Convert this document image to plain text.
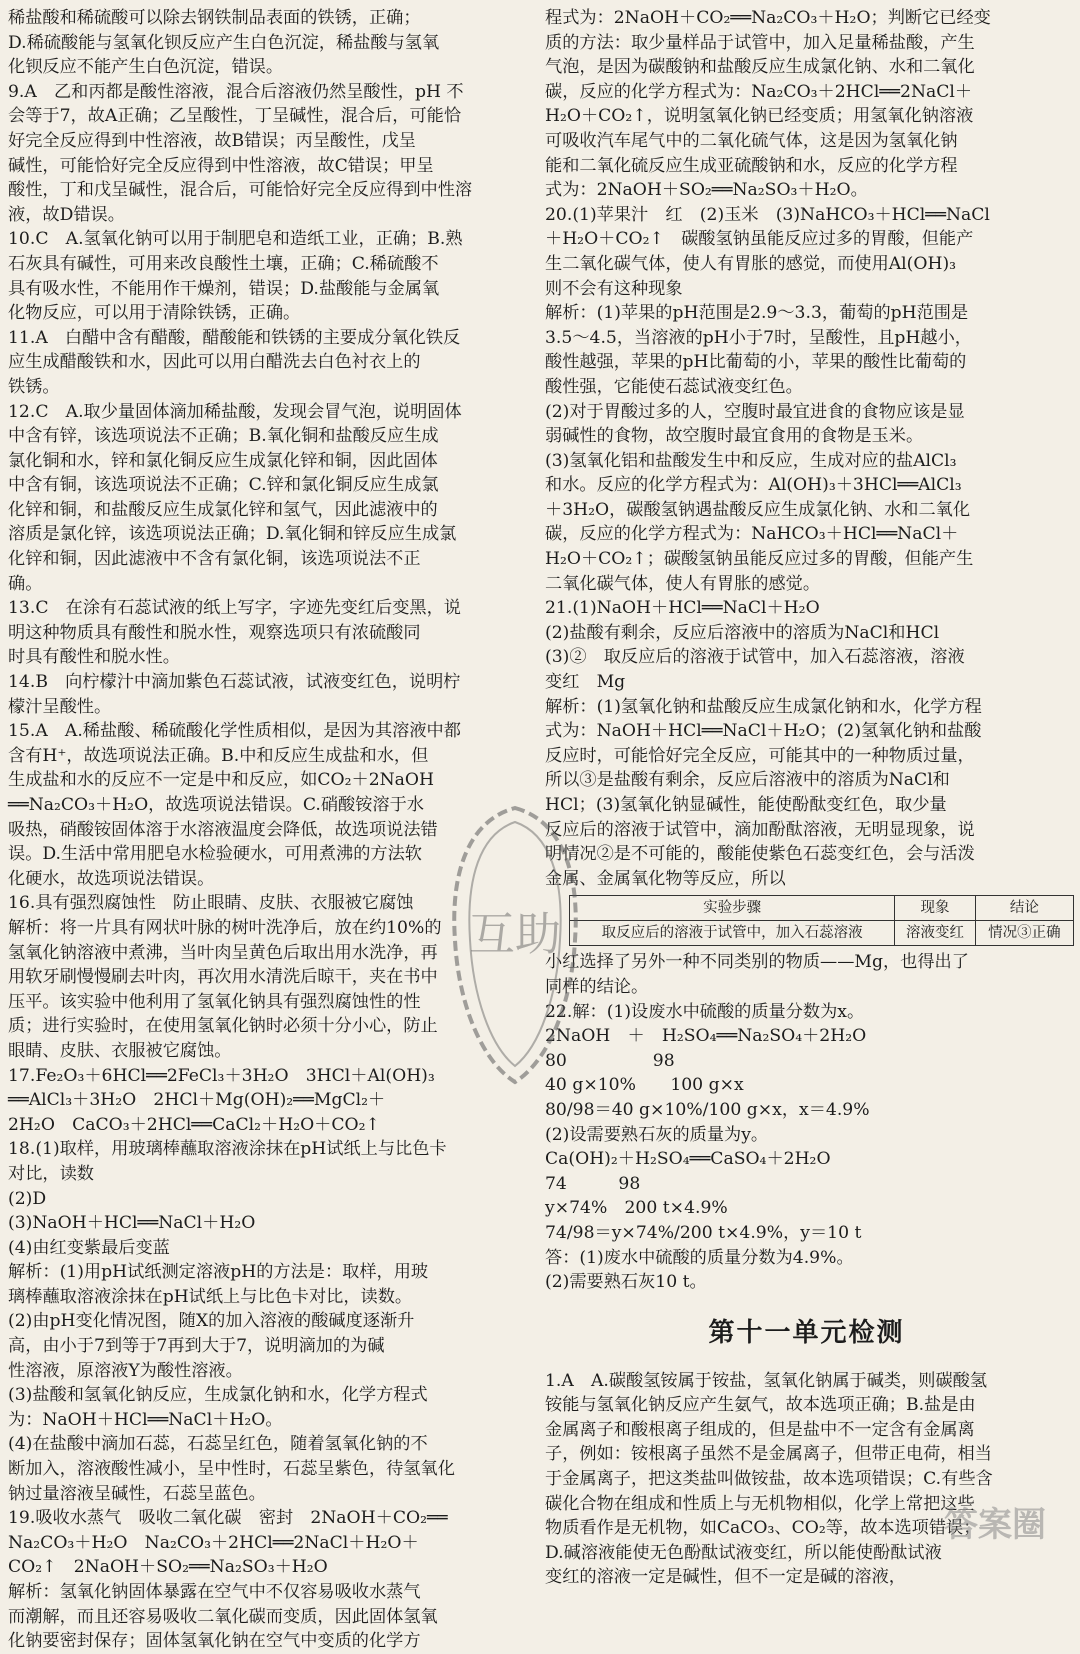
稀盐酸和稀硫酸可以除去钢铁制品表面的铁锈，正确；
D.稀硫酸能与氢氧化钡反应产生白色沉淀，稀盐酸与氢氧
化钡反应不能产生白色沉淀，错误。
9.A　乙和丙都是酸性溶液，混合后溶液仍然呈酸性，pH 不
会等于7，故A正确；乙呈酸性，丁呈碱性，混合后，可能恰
好完全反应得到中性溶液，故B错误；丙呈酸性，戊呈
碱性，可能恰好完全反应得到中性溶液，故C错误；甲呈
酸性，丁和戊呈碱性，混合后，可能恰好完全反应得到中性溶
液，故D错误。
10.C　A.氢氧化钠可以用于制肥皂和造纸工业，正确；B.熟
石灰具有碱性，可用来改良酸性土壤，正确；C.稀硫酸不
具有吸水性，不能用作干燥剂，错误；D.盐酸能与金属氧
化物反应，可以用于清除铁锈，正确。
11.A　白醋中含有醋酸，醋酸能和铁锈的主要成分氧化铁反
应生成醋酸铁和水，因此可以用白醋洗去白色衬衣上的
铁锈。
12.C　A.取少量固体滴加稀盐酸，发现会冒气泡，说明固体
中含有锌，该选项说法不正确；B.氧化铜和盐酸反应生成
氯化铜和水，锌和氯化铜反应生成氯化锌和铜，因此固体
中含有铜，该选项说法不正确；C.锌和氯化铜反应生成氯
化锌和铜，和盐酸反应生成氯化锌和氢气，因此滤液中的
溶质是氯化锌，该选项说法正确；D.氧化铜和锌反应生成氯
化锌和铜，因此滤液中不含有氯化铜，该选项说法不正
确。
13.C　在涂有石蕊试液的纸上写字，字迹先变红后变黑，说
明这种物质具有酸性和脱水性，观察选项只有浓硫酸同
时具有酸性和脱水性。
14.B　向柠檬汁中滴加紫色石蕊试液，试液变红色，说明柠
檬汁呈酸性。
15.A　A.稀盐酸、稀硫酸化学性质相似，是因为其溶液中都
含有H⁺，故选项说法正确。B.中和反应生成盐和水，但
生成盐和水的反应不一定是中和反应，如CO₂＋2NaOH
══Na₂CO₃＋H₂O，故选项说法错误。C.硝酸铵溶于水
吸热，硝酸铵固体溶于水溶液温度会降低，故选项说法错
误。D.生活中常用肥皂水检验硬水，可用煮沸的方法软
化硬水，故选项说法错误。
16.具有强烈腐蚀性　防止眼睛、皮肤、衣服被它腐蚀
解析：将一片具有网状叶脉的树叶洗净后，放在约10%的
氢氧化钠溶液中煮沸，当叶肉呈黄色后取出用水洗净，再
用软牙刷慢慢刷去叶肉，再次用水清洗后晾干，夹在书中
压平。该实验中他利用了氢氧化钠具有强烈腐蚀性的性
质；进行实验时，在使用氢氧化钠时必须十分小心，防止
眼睛、皮肤、衣服被它腐蚀。
17.Fe₂O₃＋6HCl══2FeCl₃＋3H₂O　3HCl＋Al(OH)₃
══AlCl₃＋3H₂O　2HCl＋Mg(OH)₂══MgCl₂＋
2H₂O　CaCO₃＋2HCl══CaCl₂＋H₂O＋CO₂↑
18.(1)取样，用玻璃棒蘸取溶液涂抹在pH试纸上与比色卡
对比，读数
(2)D
(3)NaOH＋HCl══NaCl＋H₂O
(4)由红变紫最后变蓝
解析：(1)用pH试纸测定溶液pH的方法是：取样，用玻
璃棒蘸取溶液涂抹在pH试纸上与比色卡对比，读数。
(2)由pH变化情况图，随X的加入溶液的酸碱度逐渐升
高，由小于7到等于7再到大于7，说明滴加的为碱
性溶液，原溶液Y为酸性溶液。
(3)盐酸和氢氧化钠反应，生成氯化钠和水，化学方程式
为：NaOH＋HCl══NaCl＋H₂O。
(4)在盐酸中滴加石蕊，石蕊呈红色，随着氢氧化钠的不
断加入，溶液酸性减小，呈中性时，石蕊呈紫色，待氢氧化
钠过量溶液呈碱性，石蕊呈蓝色。
19.吸收水蒸气　吸收二氧化碳　密封　2NaOH＋CO₂══
Na₂CO₃＋H₂O　Na₂CO₃＋2HCl══2NaCl＋H₂O＋
CO₂↑　2NaOH＋SO₂══Na₂SO₃＋H₂O
解析：氢氧化钠固体暴露在空气中不仅容易吸收水蒸气
而潮解，而且还容易吸收二氧化碳而变质，因此固体氢氧
化钠要密封保存；固体氢氧化钠在空气中变质的化学方
程式为：2NaOH＋CO₂══Na₂CO₃＋H₂O；判断它已经变
质的方法：取少量样品于试管中，加入足量稀盐酸，产生
气泡，是因为碳酸钠和盐酸反应生成氯化钠、水和二氧化
碳，反应的化学方程式为：Na₂CO₃＋2HCl══2NaCl＋
H₂O＋CO₂↑，说明氢氧化钠已经变质；用氢氧化钠溶液
可吸收汽车尾气中的二氧化硫气体，这是因为氢氧化钠
能和二氧化硫反应生成亚硫酸钠和水，反应的化学方程
式为：2NaOH＋SO₂══Na₂SO₃＋H₂O。
20.(1)苹果汁　红　(2)玉米　(3)NaHCO₃＋HCl══NaCl
＋H₂O＋CO₂↑　碳酸氢钠虽能反应过多的胃酸，但能产
生二氧化碳气体，使人有胃胀的感觉，而使用Al(OH)₃
则不会有这种现象
解析：(1)苹果的pH范围是2.9～3.3，葡萄的pH范围是
3.5～4.5，当溶液的pH小于7时，呈酸性，且pH越小，
酸性越强，苹果的pH比葡萄的小，苹果的酸性比葡萄的
酸性强，它能使石蕊试液变红色。
(2)对于胃酸过多的人，空腹时最宜进食的食物应该是显
弱碱性的食物，故空腹时最宜食用的食物是玉米。
(3)氢氧化铝和盐酸发生中和反应，生成对应的盐AlCl₃
和水。反应的化学方程式为：Al(OH)₃＋3HCl══AlCl₃
＋3H₂O，碳酸氢钠遇盐酸反应生成氯化钠、水和二氧化
碳，反应的化学方程式为：NaHCO₃＋HCl══NaCl＋
H₂O＋CO₂↑；碳酸氢钠虽能反应过多的胃酸，但能产生
二氧化碳气体，使人有胃胀的感觉。
21.(1)NaOH＋HCl══NaCl＋H₂O
(2)盐酸有剩余，反应后溶液中的溶质为NaCl和HCl
(3)②　取反应后的溶液于试管中，加入石蕊溶液，溶液
变红　Mg
解析：(1)氢氧化钠和盐酸反应生成氯化钠和水，化学方程
式为：NaOH＋HCl══NaCl＋H₂O；(2)氢氧化钠和盐酸
反应时，可能恰好完全反应，可能其中的一种物质过量，
所以③是盐酸有剩余，反应后溶液中的溶质为NaCl和
HCl；(3)氢氧化钠显碱性，能使酚酞变红色，取少量
反应后的溶液于试管中，滴加酚酞溶液，无明显现象，说
明情况②是不可能的，酸能使紫色石蕊变红色，会与活泼
金属、金属氧化物等反应，所以
实验步骤	现象	结论
取反应后的溶液于试管中，加入石蕊溶液	溶液变红	情况③正确
小红选择了另外一种不同类别的物质——Mg，也得出了
同样的结论。
22.解：(1)设废水中硫酸的质量分数为x。
2NaOH　＋　H₂SO₄══Na₂SO₄＋2H₂O
80　　　　　98
40 g×10%　　100 g×x
80/98＝40 g×10%/100 g×x，x＝4.9%
(2)设需要熟石灰的质量为y。
Ca(OH)₂＋H₂SO₄══CaSO₄＋2H₂O
74　　　98
y×74%　200 t×4.9%
74/98＝y×74%/200 t×4.9%，y＝10 t
答：(1)废水中硫酸的质量分数为4.9%。
(2)需要熟石灰10 t。
第十一单元检测
1.A　A.碳酸氢铵属于铵盐，氢氧化钠属于碱类，则碳酸氢
铵能与氢氧化钠反应产生氨气，故本选项正确；B.盐是由
金属离子和酸根离子组成的，但是盐中不一定含有金属离
子，例如：铵根离子虽然不是金属离子，但带正电荷，相当
于金属离子，把这类盐叫做铵盐，故本选项错误；C.有些含
碳化合物在组成和性质上与无机物相似，化学上常把这些
物质看作是无机物，如CaCO₃、CO₂等，故本选项错误；
D.碱溶液能使无色酚酞试液变红，所以能使酚酞试液
变红的溶液一定是碱性，但不一定是碱的溶液，
互助
答案圈
